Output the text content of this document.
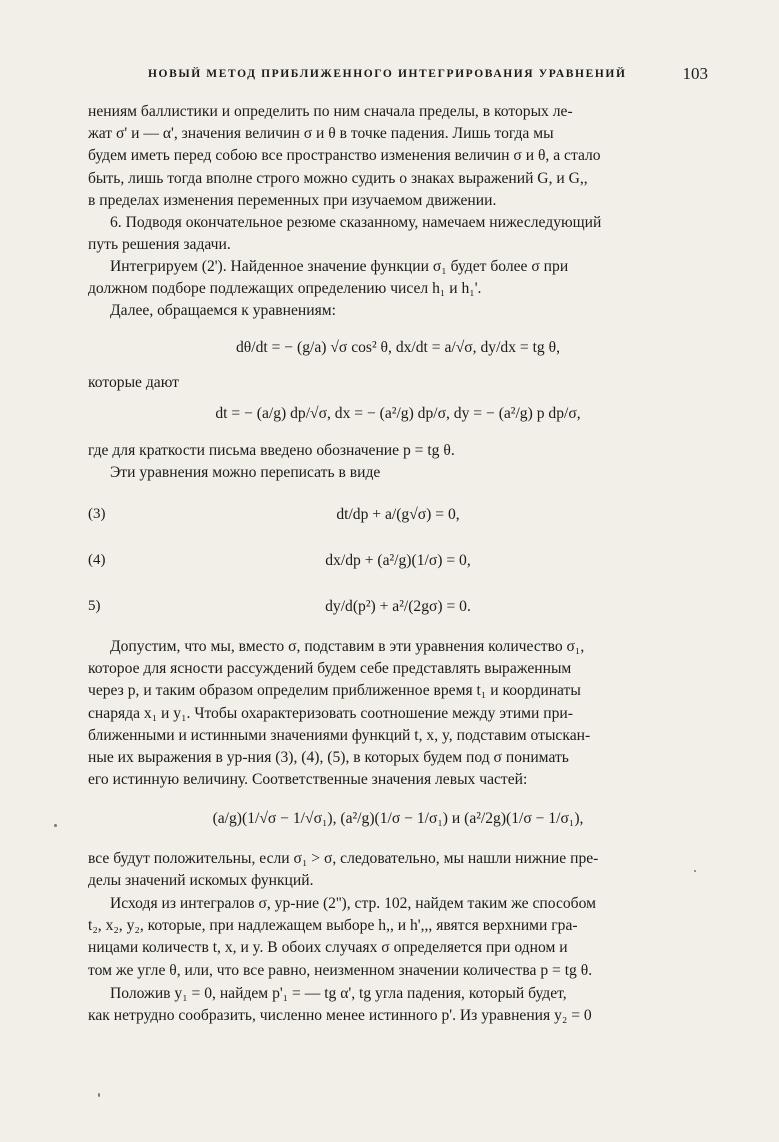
НОВЫЙ МЕТОД ПРИБЛИЖЕННОГО ИНТЕГРИРОВАНИЯ УРАВНЕНИЙ	103
нениям баллистики и определить по ним сначала пределы, в которых ле-
жат σ' и — α', значения величин σ и θ в точке падения. Лишь тогда мы
будем иметь перед собою все пространство изменения величин σ и θ, а стало
быть, лишь тогда вполне строго можно судить о знаках выражений G, и G,,
в пределах изменения переменных при изучаемом движении.
6. Подводя окончательное резюме сказанному, намечаем нижеследующий
путь решения задачи.
Интегрируем (2'). Найденное значение функции σ₁ будет более σ при
должном подборе подлежащих определению чисел h₁ и h₁'.
Далее, обращаемся к уравнениям:
dθ/dt = − (g/a) √σ cos² θ, dx/dt = a/√σ, dy/dx = tg θ,
которые дают
dt = − (a/g) dp/√σ, dx = − (a²/g) dp/σ, dy = − (a²/g) p dp/σ,
где для краткости письма введено обозначение p = tg θ.
Эти уравнения можно переписать в виде
(3)	dt/dp + a/(g√σ) = 0,
(4)	dx/dp + (a²/g)(1/σ) = 0,
5)	dy/d(p²) + a²/(2gσ) = 0.
Допустим, что мы, вместо σ, подставим в эти уравнения количество σ₁,
которое для ясности рассуждений будем себе представлять выраженным
через p, и таким образом определим приближенное время t₁ и координаты
снаряда x₁ и y₁. Чтобы охарактеризовать соотношение между этими при-
ближенными и истинными значениями функций t, x, y, подставим отыскан-
ные их выражения в ур-ния (3), (4), (5), в которых будем под σ понимать
его истинную величину. Соответственные значения левых частей:
(a/g)(1/√σ − 1/√σ₁), (a²/g)(1/σ − 1/σ₁) и (a²/2g)(1/σ − 1/σ₁),
все будут положительны, если σ₁ > σ, следовательно, мы нашли нижние пре-
делы значений искомых функций.
Исходя из интегралов σ, ур-ние (2''), стр. 102, найдем таким же способом
t₂, x₂, y₂, которые, при надлежащем выборе h,, и h',,, явятся верхними гра-
ницами количеств t, x, и y. В обоих случаях σ определяется при одном и
том же угле θ, или, что все равно, неизменном значении количества p = tg θ.
Положив y₁ = 0, найдем p'₁ = — tg α', tg угла падения, который будет,
как нетрудно сообразить, численно менее истинного p'. Из уравнения y₂ = 0
